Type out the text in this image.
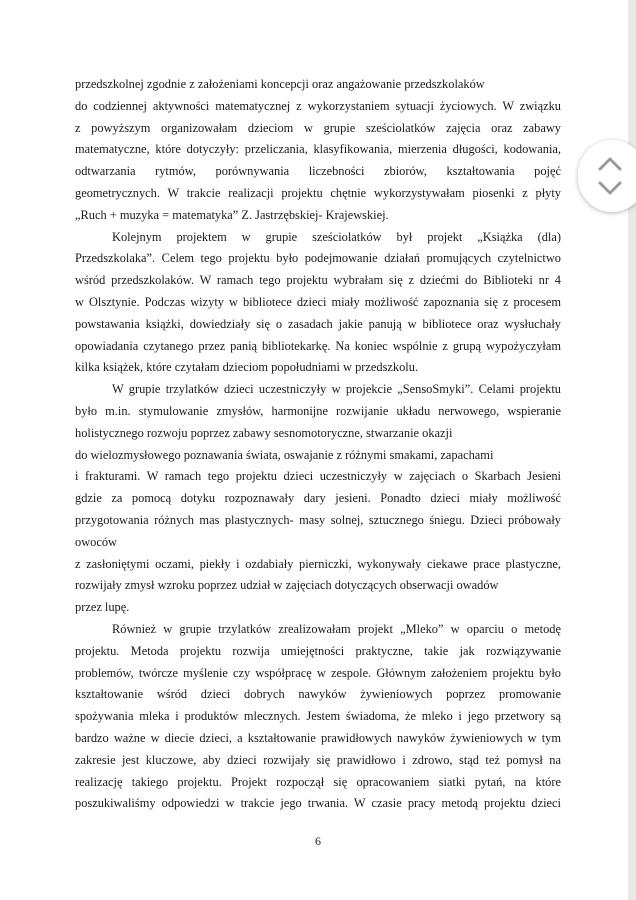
przedszkolnej zgodnie z założeniami koncepcji oraz angażowanie przedszkolaków
do codziennej aktywności matematycznej z wykorzystaniem sytuacji życiowych. W związku
z powyższym organizowałam dzieciom w grupie sześciolatków zajęcia oraz zabawy
matematyczne, które dotyczyły: przeliczania, klasyfikowania, mierzenia długości, kodowania,
odtwarzania rytmów, porównywania liczebności zbiorów, kształtowania pojęć
geometrycznych. W trakcie realizacji projektu chętnie wykorzystywałam piosenki z płyty
„Ruch + muzyka = matematyka” Z. Jastrzębskiej- Krajewskiej.
Kolejnym projektem w grupie sześciolatków był projekt „Książka (dla)
Przedszkolaka”. Celem tego projektu było podejmowanie działań promujących czytelnictwo
wśród przedszkolaków. W ramach tego projektu wybrałam się z dziećmi do Biblioteki nr 4
w Olsztynie. Podczas wizyty w bibliotece dzieci miały możliwość zapoznania się z procesem
powstawania książki, dowiedziały się o zasadach jakie panują w bibliotece oraz wysłuchały
opowiadania czytanego przez panią bibliotekarkę. Na koniec wspólnie z grupą wypożyczyłam
kilka książek, które czytałam dzieciom popołudniami w przedszkolu.
W grupie trzylatków dzieci uczestniczyły w projekcie „SensoSmyki”. Celami projektu
było m.in. stymulowanie zmysłów, harmonijne rozwijanie układu nerwowego, wspieranie
holistycznego rozwoju poprzez zabawy sesnomotoryczne, stwarzanie okazji
do wielozmysłowego poznawania świata, oswajanie z różnymi smakami, zapachami
i frakturami. W ramach tego projektu dzieci uczestniczyły w zajęciach o Skarbach Jesieni
gdzie za pomocą dotyku rozpoznawały dary jesieni. Ponadto dzieci miały możliwość
przygotowania różnych mas plastycznych- masy solnej, sztucznego śniegu. Dzieci próbowały
owoców
z zasłoniętymi oczami, piekły i ozdabiały pierniczki, wykonywały ciekawe prace plastyczne,
rozwijały zmysł wzroku poprzez udział w zajęciach dotyczących obserwacji owadów
przez lupę.
Również w grupie trzylatków zrealizowałam projekt „Mleko” w oparciu o metodę
projektu. Metoda projektu rozwija umiejętności praktyczne, takie jak rozwiązywanie
problemów, twórcze myślenie czy współpracę w zespole. Głównym założeniem projektu było
kształtowanie wśród dzieci dobrych nawyków żywieniowych poprzez promowanie
spożywania mleka i produktów mlecznych. Jestem świadoma, że mleko i jego przetwory są
bardzo ważne w diecie dzieci, a kształtowanie prawidłowych nawyków żywieniowych w tym
zakresie jest kluczowe, aby dzieci rozwijały się prawidłowo i zdrowo, stąd też pomysł na
realizację takiego projektu. Projekt rozpoczął się opracowaniem siatki pytań, na które
poszukiwaliśmy odpowiedzi w trakcie jego trwania. W czasie pracy metodą projektu dzieci
6
